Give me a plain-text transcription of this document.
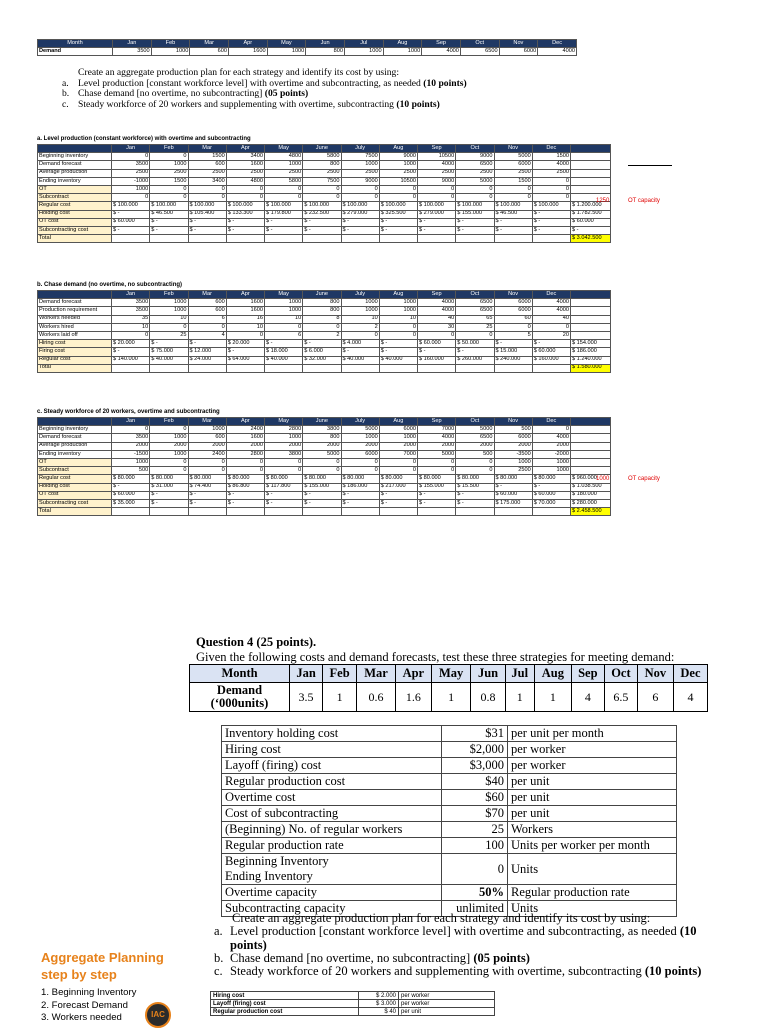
Month	Jan	Feb	Mar	Apr	May	Jun	Jul	Aug	Sep	Oct	Nov	Dec
Demand	3500	1000	600	1600	1000	800	1000	1000	4000	6500	6000	4000
Create an aggregate production plan for each strategy and identify its cost by using:
a. Level production [constant workforce level] with overtime and subcontracting, as needed (10 points)
b. Chase demand [no overtime, no subcontracting] (05 points)
c. Steady workforce of 20 workers and supplementing with overtime, subcontracting (10 points)
a. Level production (constant workforce) with overtime and subcontracting
	Jan	Feb	Mar	Apr	May	June	July	Aug	Sep	Oct	Nov	Dec	
Beginning inventory	0	0	1500	3400	4800	5800	7500	9000	10500	9000	5000	1500	
Demand forecast	3500	1000	600	1600	1000	800	1000	1000	4000	6500	6000	4000	
Average production	2500	2500	2500	2500	2500	2500	2500	2500	2500	2500	2500	2500	
Ending inventory	-1000	1500	3400	4800	5800	7500	9000	10500	9000	5000	1500	0	
OT	1000	0	0	0	0	0	0	0	0	0	0	0	
Subcontract	0	0	0	0	0	0	0	0	0	0	0	0	
Regular cost	$ 100.000	$ 100.000	$ 100.000	$ 100.000	$ 100.000	$ 100.000	$ 100.000	$ 100.000	$ 100.000	$ 100.000	$ 100.000	$ 100.000	$ 1.200.000
Holding cost	$ -	$ 46.500	$ 105.400	$ 133.300	$ 179.800	$ 232.500	$ 279.000	$ 325.500	$ 279.000	$ 155.000	$ 46.500	$ -	$ 1.782.500
OT cost	$ 60.000	$ -	$ -	$ -	$ -	$ -	$ -	$ -	$ -	$ -	$ -	$ -	$ 60.000
Subcontracting cost	$ -	$ -	$ -	$ -	$ -	$ -	$ -	$ -	$ -	$ -	$ -	$ -	$ -
Total													$ 3.042.500
1250	OT capacity
b. Chase demand (no overtime, no subcontracting)
	Jan	Feb	Mar	Apr	May	June	July	Aug	Sep	Oct	Nov	Dec	
Demand forecast	3500	1000	600	1600	1000	800	1000	1000	4000	6500	6000	4000	
Production requirement	3500	1000	600	1600	1000	800	1000	1000	4000	6500	6000	4000	
Workers needed	35	10	6	16	10	8	10	10	40	65	60	40	
Workers hired	10	0	0	10	0	0	2	0	30	25	0	0	
Workers laid off	0	25	4	0	6	2	0	0	0	0	5	20	
Hiring cost	$ 20.000	$ -	$ -	$ 20.000	$ -	$ -	$ 4.000	$ -	$ 60.000	$ 50.000	$ -	$ -	$ 154.000
Firing cost	$ -	$ 75.000	$ 12.000	$ -	$ 18.000	$ 6.000	$ -	$ -	$ -	$ -	$ 15.000	$ 60.000	$ 186.000
Regular cost	$ 140.000	$ 40.000	$ 24.000	$ 64.000	$ 40.000	$ 32.000	$ 40.000	$ 40.000	$ 160.000	$ 260.000	$ 240.000	$ 160.000	$ 1.240.000
Total													$ 1.580.000
c. Steady workforce of 20 workers, overtime and subcontracting
	Jan	Feb	Mar	Apr	May	June	July	Aug	Sep	Oct	Nov	Dec	
Beginning inventory	0	0	1000	2400	2800	3800	5000	6000	7000	5000	500	0	
Demand forecast	3500	1000	600	1600	1000	800	1000	1000	4000	6500	6000	4000	
Average production	2000	2000	2000	2000	2000	2000	2000	2000	2000	2000	2000	2000	
Ending inventory	-1500	1000	2400	2800	3800	5000	6000	7000	5000	500	-3500	-2000	
OT	1000	0	0	0	0	0	0	0	0	0	1000	1000	
Subcontract	500	0	0	0	0	0	0	0	0	0	2500	1000	
Regular cost	$ 80.000	$ 80.000	$ 80.000	$ 80.000	$ 80.000	$ 80.000	$ 80.000	$ 80.000	$ 80.000	$ 80.000	$ 80.000	$ 80.000	$ 960.000
Holding cost	$ -	$ 31.000	$ 74.400	$ 86.800	$ 117.800	$ 155.000	$ 186.000	$ 217.000	$ 155.000	$ 15.500	$ -	$ -	$ 1.038.500
OT cost	$ 60.000	$ -	$ -	$ -	$ -	$ -	$ -	$ -	$ -	$ -	$ 60.000	$ 60.000	$ 180.000
Subcontracting cost	$ 35.000	$ -	$ -	$ -	$ -	$ -	$ -	$ -	$ -	$ -	$ 175.000	$ 70.000	$ 280.000
Total													$ 2.458.500
1000	OT capacity
Question 4 (25 points).
Given the following costs and demand forecasts, test these three strategies for meeting demand:
Month	Jan	Feb	Mar	Apr	May	Jun	Jul	Aug	Sep	Oct	Nov	Dec
Demand
(‘000units)	3.5	1	0.6	1.6	1	0.8	1	1	4	6.5	6	4
Inventory holding cost	$31	per unit per month
Hiring cost	$2,000	per worker
Layoff (firing) cost	$3,000	per worker
Regular production cost	$40	per unit
Overtime cost	$60	per unit
Cost of subcontracting	$70	per unit
(Beginning) No. of regular workers	25	Workers
Regular production rate	100	Units per worker per month

Beginning Inventory
Ending Inventory	0	Units
Overtime capacity	50%	Regular production rate
Subcontracting capacity	unlimited	Units
Create an aggregate production plan for each strategy and identify its cost by using:
a. Level production [constant workforce level] with overtime and subcontracting, as needed (10 points)
b. Chase demand [no overtime, no subcontracting] (05 points)
c. Steady workforce of 20 workers and supplementing with overtime, subcontracting (10 points)
Aggregate Planning
step by step
1. Beginning Inventory
2. Forecast Demand
3. Workers needed	IAC
Hiring cost	$ 2.000	per worker
Layoff (firing) cost	$ 3.000	per worker
Regular production cost	$ 40	per unit
